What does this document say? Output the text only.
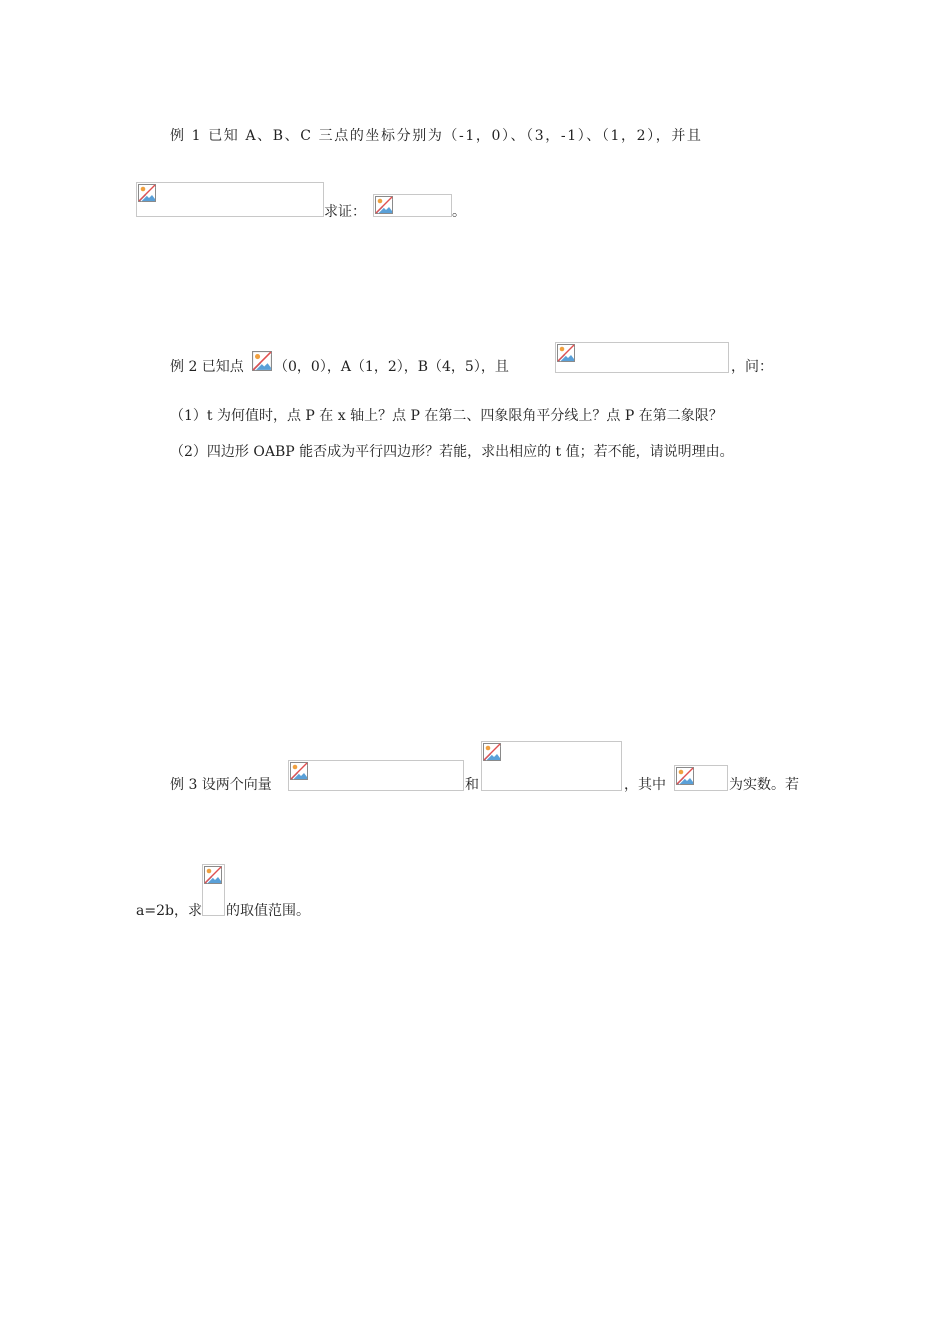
例 1 已知 A、B、C 三点的坐标分别为（-1，0）、（3，-1）、（1，2），并且
求证：	。
例 2 已知点 （0，0），A（1，2），B（4，5），且	，问：
（1）t 为何值时，点 P 在 x 轴上？点 P 在第二、四象限角平分线上？点 P 在第二象限？
（2）四边形 OABP 能否成为平行四边形？若能，求出相应的 t 值；若不能，请说明理由。
例 3 设两个向量	和	，其中	为实数。若
a=2b，求 的取值范围。
